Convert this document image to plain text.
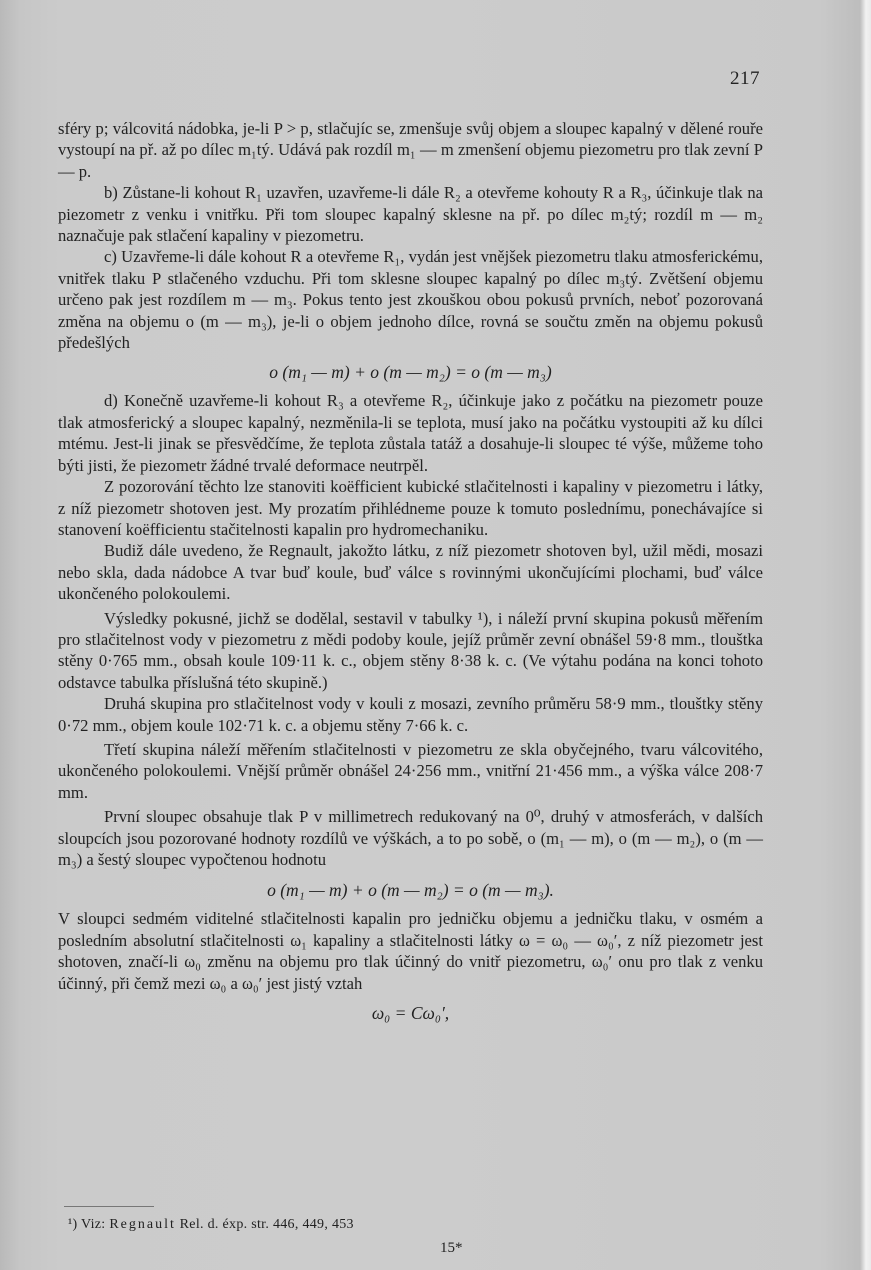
217

sféry p; válcovitá nádobka, je-li P > p, stlačujíc se, zmenšuje svůj objem a sloupec kapalný v dělené rouře vystoupí na př. až po dílec m₁tý. Udává pak rozdíl m₁ — m zmenšení objemu piezometru pro tlak zevní P — p.

b) Zůstane-li kohout R₁ uzavřen, uzavřeme-li dále R₂ a otevřeme kohouty R a R₃, účinkuje tlak na piezometr z venku i vnitřku. Při tom sloupec kapalný sklesne na př. po dílec m₂tý; rozdíl m — m₂ naznačuje pak stlačení kapaliny v piezometru.

c) Uzavřeme-li dále kohout R a otevřeme R₁, vydán jest vnějšek piezometru tlaku atmosferickému, vnitřek tlaku P stlačeného vzduchu. Při tom sklesne sloupec kapalný po dílec m₃tý. Zvětšení objemu určeno pak jest rozdílem m — m₃. Pokus tento jest zkouškou obou pokusů prvních, neboť pozorovaná změna na objemu o (m — m₃), je-li o objem jednoho dílce, rovná se součtu změn na objemu pokusů předešlých

o (m₁ — m) + o (m — m₂) = o (m — m₃)

d) Konečně uzavřeme-li kohout R₃ a otevřeme R₂, účinkuje jako z počátku na piezometr pouze tlak atmosferický a sloupec kapalný, nezměnila-li se teplota, musí jako na počátku vystoupiti až ku dílci mtému. Jest-li jinak se přesvědčíme, že teplota zůstala tatáž a dosahuje-li sloupec té výše, můžeme toho býti jisti, že piezometr žádné trvalé deformace neutrpěl.

Z pozorování těchto lze stanoviti koëfficient kubické stlačitelnosti i kapaliny v piezometru i látky, z níž piezometr shotoven jest. My prozatím přihlédneme pouze k tomuto poslednímu, ponechávajíce si stanovení koëfficientu stačitelnosti kapalin pro hydromechaniku.

Budiž dále uvedeno, že Regnault, jakožto látku, z níž piezometr shotoven byl, užil mědi, mosazi nebo skla, dada nádobce A tvar buď koule, buď válce s rovinnými ukončujícími plochami, buď válce ukončeného polokoulemi.

Výsledky pokusné, jichž se dodělal, sestavil v tabulky ¹), i náleží první skupina pokusů měřením pro stlačitelnost vody v piezometru z mědi podoby koule, jejíž průměr zevní obnášel 59·8 mm., tlouštka stěny 0·765 mm., obsah koule 109·11 k. c., objem stěny 8·38 k. c. (Ve výtahu podána na konci tohoto odstavce tabulka příslušná této skupině.)

Druhá skupina pro stlačitelnost vody v kouli z mosazi, zevního průměru 58·9 mm., tlouštky stěny 0·72 mm., objem koule 102·71 k. c. a objemu stěny 7·66 k. c.

Třetí skupina náleží měřením stlačitelnosti v piezometru ze skla obyčejného, tvaru válcovitého, ukončeného polokoulemi. Vnější průměr obnášel 24·256 mm., vnitřní 21·456 mm., a výška válce 208·7 mm.

První sloupec obsahuje tlak P v millimetrech redukovaný na 0⁰, druhý v atmosferách, v dalších sloupcích jsou pozorované hodnoty rozdílů ve výškách, a to po sobě, o (m₁ — m), o (m — m₂), o (m — m₃) a šestý sloupec vypočtenou hodnotu

o (m₁ — m) + o (m — m₂) = o (m — m₃).

V sloupci sedmém viditelné stlačitelnosti kapalin pro jedničku objemu a jedničku tlaku, v osmém a posledním absolutní stlačitelnosti ω₁ kapaliny a stlačitelnosti látky ω = ω₀ — ω₀′, z níž piezometr jest shotoven, značí-li ω₀ změnu na objemu pro tlak účinný do vnitř piezometru, ω₀′ onu pro tlak z venku účinný, při čemž mezi ω₀ a ω₀′ jest jistý vztah

ω₀ = Cω₀′,
¹) Viz: Regnault Rel. d. éxp. str. 446, 449, 453
15*
